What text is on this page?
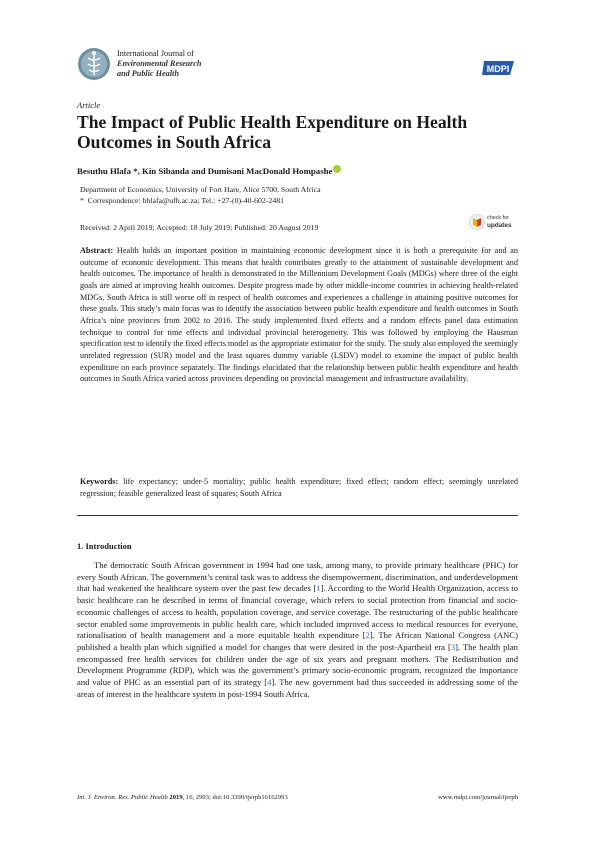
International Journal of
Environmental Research
and Public Health	MDPI
Article
The Impact of Public Health Expenditure on Health Outcomes in South Africa
Besuthu Hlafa *, Kin Sibanda and Dumisani MacDonald Hompashe
Department of Economics, University of Fort Hare, Alice 5700, South Africa
*  Correspondence: bhlafa@ufh.ac.za; Tel.: +27-(0)-40-602-2481
check for
updates
Received: 2 April 2019; Accepted: 18 July 2019; Published: 20 August 2019
Abstract: Health holds an important position in maintaining economic development since it is both a prerequisite for and an outcome of economic development. This means that health contributes greatly to the attainment of sustainable development and health outcomes. The importance of health is demonstrated in the Millennium Development Goals (MDGs) where three of the eight goals are aimed at improving health outcomes. Despite progress made by other middle-income countries in achieving health-related MDGs, South Africa is still worse off in respect of health outcomes and experiences a challenge in attaining positive outcomes for these goals. This study’s main focus was to identify the association between public health expenditure and health outcomes in South Africa’s nine provinces from 2002 to 2016. The study implemented fixed effects and a random effects panel data estimation technique to control for time effects and individual provincial heterogeneity. This was followed by employing the Hausman specification test to identify the fixed effects model as the appropriate estimator for the study. The study also employed the seemingly unrelated regression (SUR) model and the least squares dummy variable (LSDV) model to examine the impact of public health expenditure on each province separately. The findings elucidated that the relationship between public health expenditure and health outcomes in South Africa varied across provinces depending on provincial management and infrastructure availability.
Keywords: life expectancy; under-5 mortality; public health expenditure; fixed effect; random effect; seemingly unrelated regression; feasible generalized least of squares; South Africa
1. Introduction
The democratic South African government in 1994 had one task, among many, to provide primary healthcare (PHC) for every South African. The government’s central task was to address the disempowerment, discrimination, and underdevelopment that had weakened the healthcare system over the past few decades [1]. According to the World Health Organization, access to basic healthcare can be described in terms of financial coverage, which refers to social protection from financial and socio-economic challenges of access to health, population coverage, and service coverage. The restructuring of the public healthcare sector enabled some improvements in public health care, which included improved access to medical resources for everyone, rationalisation of health management and a more equitable health expenditure [2]. The African National Congress (ANC) published a health plan which signified a model for changes that were desired in the post-Apartheid era [3]. The health plan encompassed free health services for children under the age of six years and pregnant mothers. The Redistribution and Development Programme (RDP), which was the government’s primary socio-economic program, recognized the importance and value of PHC as an essential part of its strategy [4]. The new government had thus succeeded in addressing some of the areas of interest in the healthcare system in post-1994 South Africa.
Int. J. Environ. Res. Public Health 2019, 16, 2993; doi:10.3390/ijerph16162993	www.mdpi.com/journal/ijerph
